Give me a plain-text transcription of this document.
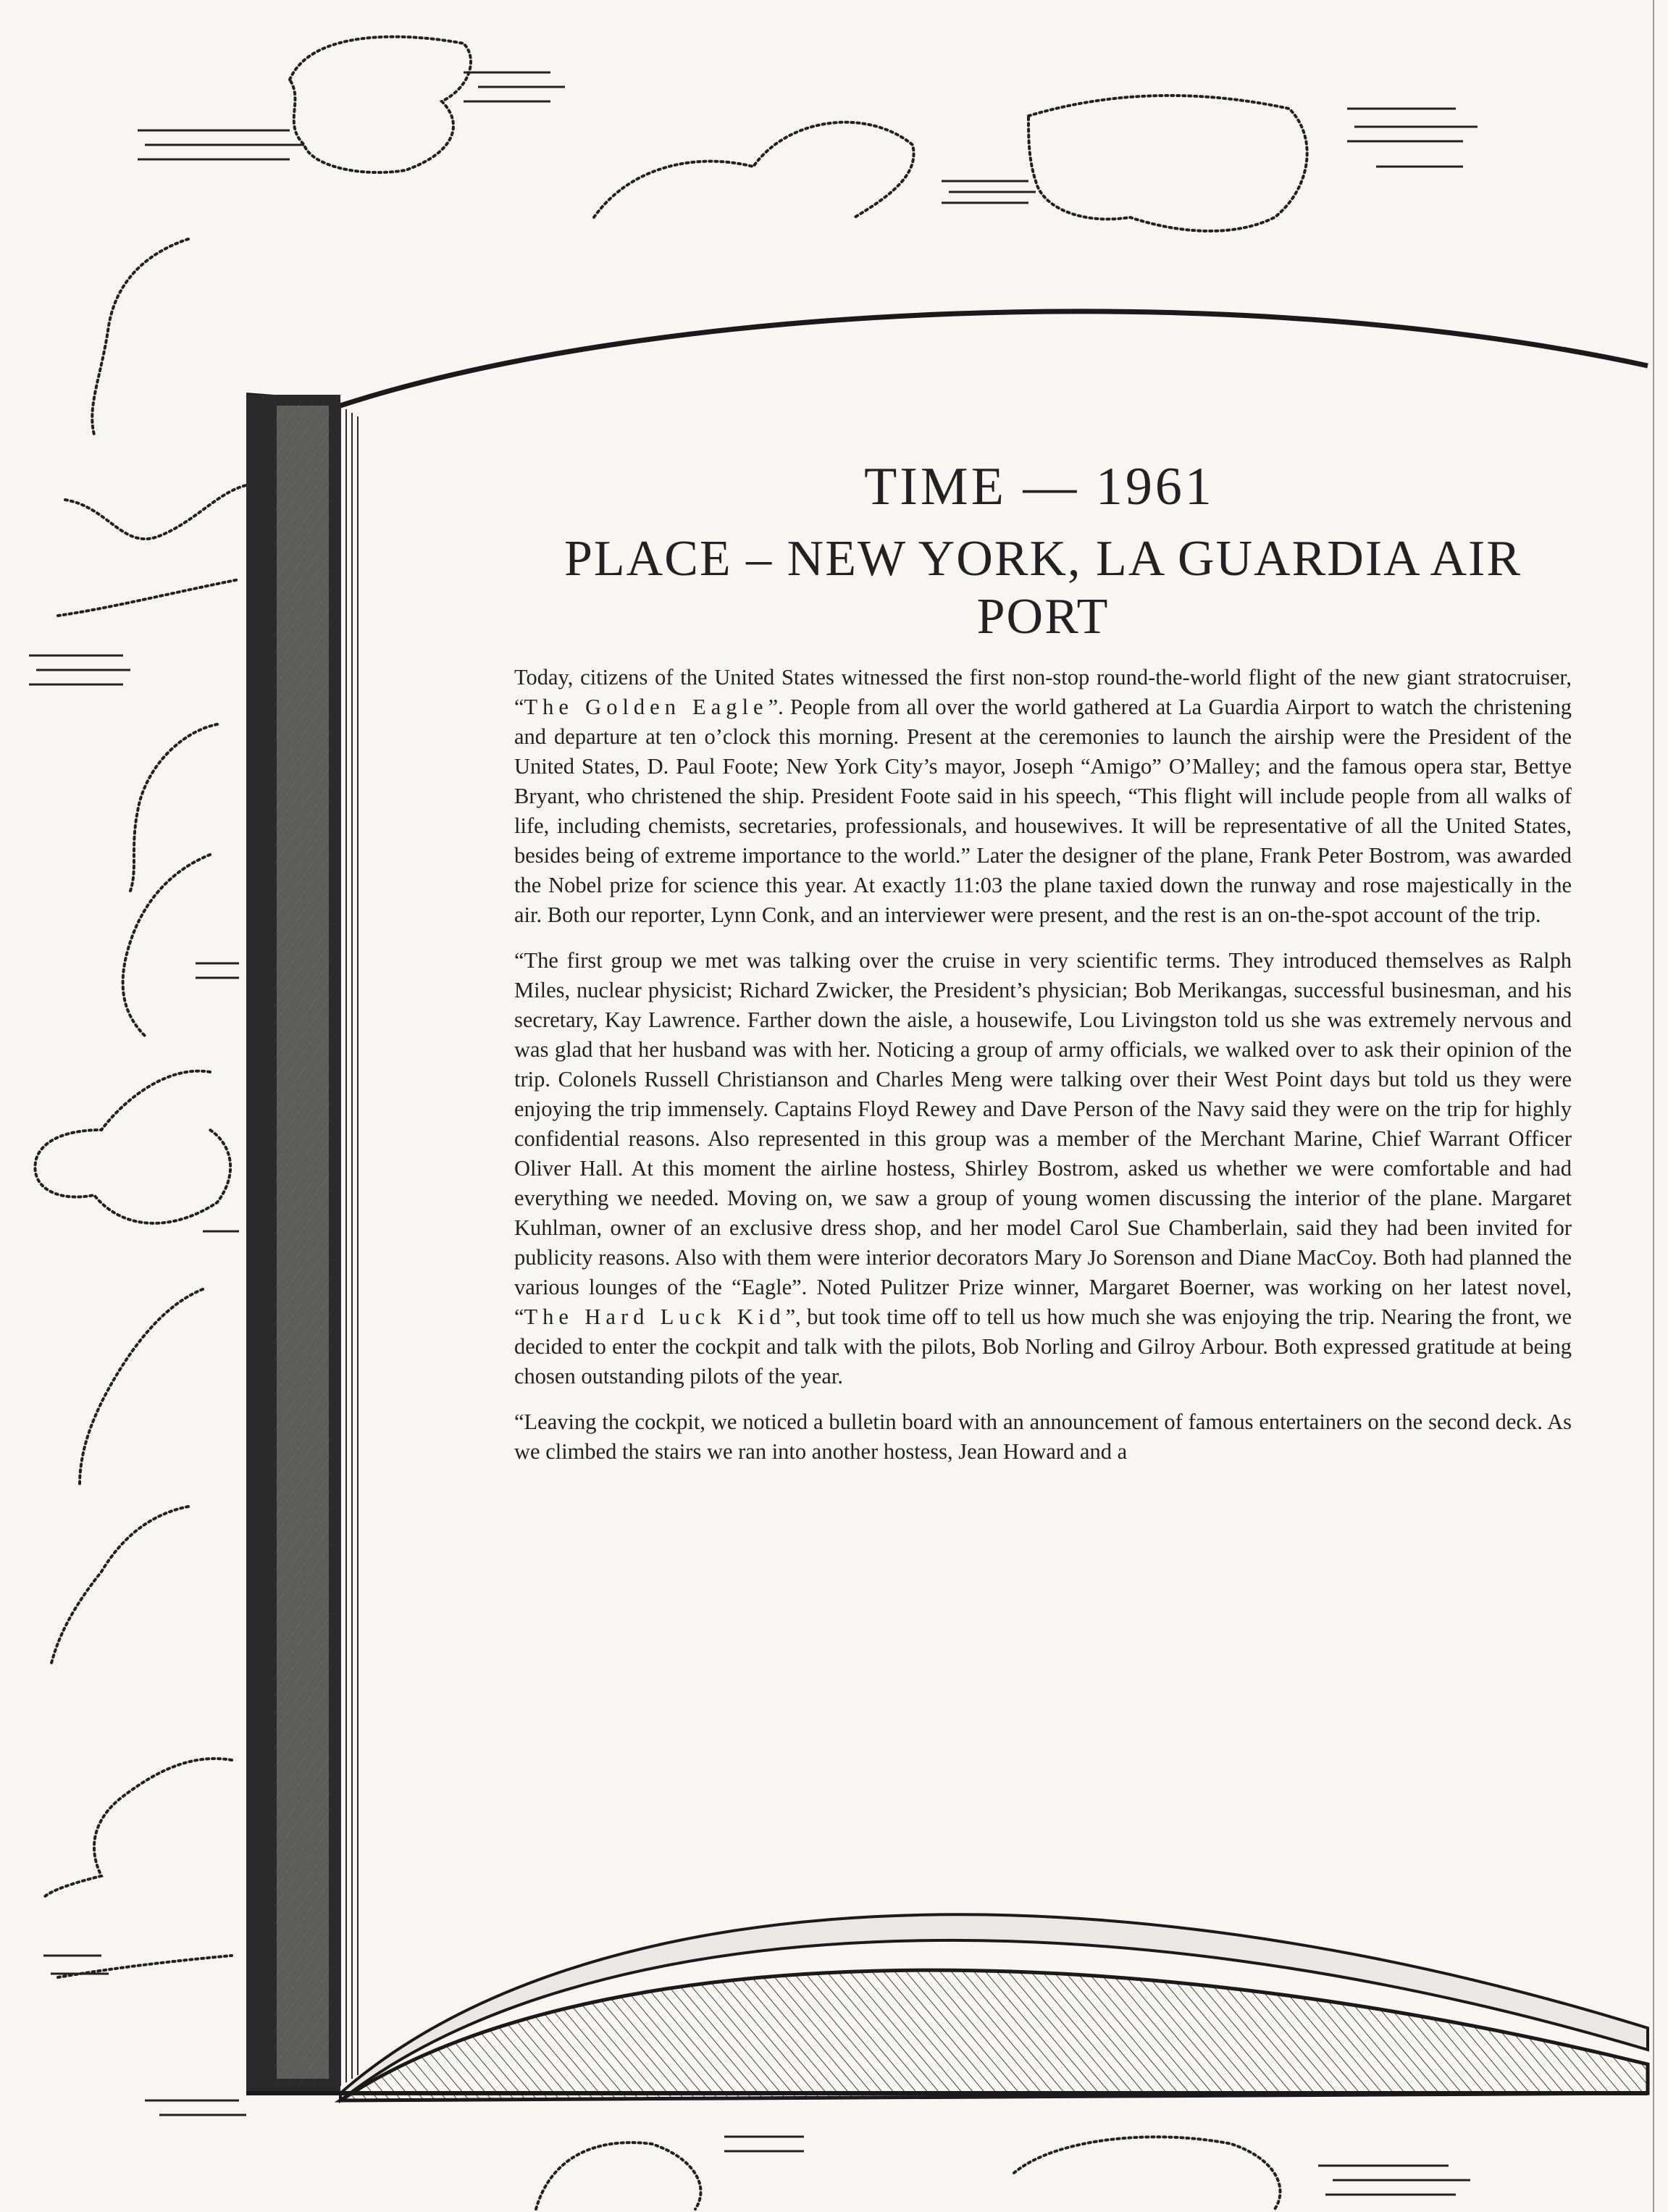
TIME — 1961
PLACE – NEW YORK, LA GUARDIA AIR PORT

Today, citizens of the United States witnessed the first non-stop round-the-world flight of the new giant stratocruiser, “The Golden Eagle”. People from all over the world gathered at La Guardia Airport to watch the christening and departure at ten o’clock this morning. Present at the ceremonies to launch the airship were the President of the United States, D. Paul Foote; New York City’s mayor, Joseph “Amigo” O’Malley; and the famous opera star, Bettye Bryant, who christened the ship. President Foote said in his speech, “This flight will include people from all walks of life, including chemists, secretaries, professionals, and housewives. It will be representative of all the United States, besides being of extreme importance to the world.” Later the designer of the plane, Frank Peter Bostrom, was awarded the Nobel prize for science this year. At exactly 11:03 the plane taxied down the runway and rose majestically in the air. Both our reporter, Lynn Conk, and an interviewer were present, and the rest is an on-the-spot account of the trip.

“The first group we met was talking over the cruise in very scientific terms. They introduced themselves as Ralph Miles, nuclear physicist; Richard Zwicker, the President’s physician; Bob Merikangas, successful businesman, and his secretary, Kay Lawrence. Farther down the aisle, a housewife, Lou Livingston told us she was extremely nervous and was glad that her husband was with her. Noticing a group of army officials, we walked over to ask their opinion of the trip. Colonels Russell Christianson and Charles Meng were talking over their West Point days but told us they were enjoying the trip immensely. Captains Floyd Rewey and Dave Person of the Navy said they were on the trip for highly confidential reasons. Also represented in this group was a member of the Merchant Marine, Chief Warrant Officer Oliver Hall. At this moment the airline hostess, Shirley Bostrom, asked us whether we were comfortable and had everything we needed. Moving on, we saw a group of young women discussing the interior of the plane. Margaret Kuhlman, owner of an exclusive dress shop, and her model Carol Sue Chamberlain, said they had been invited for publicity reasons. Also with them were interior decorators Mary Jo Sorenson and Diane MacCoy. Both had planned the various lounges of the “Eagle”. Noted Pulitzer Prize winner, Margaret Boerner, was working on her latest novel, “The Hard Luck Kid”, but took time off to tell us how much she was enjoying the trip. Nearing the front, we decided to enter the cockpit and talk with the pilots, Bob Norling and Gilroy Arbour. Both expressed gratitude at being chosen outstanding pilots of the year.

“Leaving the cockpit, we noticed a bulletin board with an announcement of famous entertainers on the second deck. As we climbed the stairs we ran into another hostess, Jean Howard and a
